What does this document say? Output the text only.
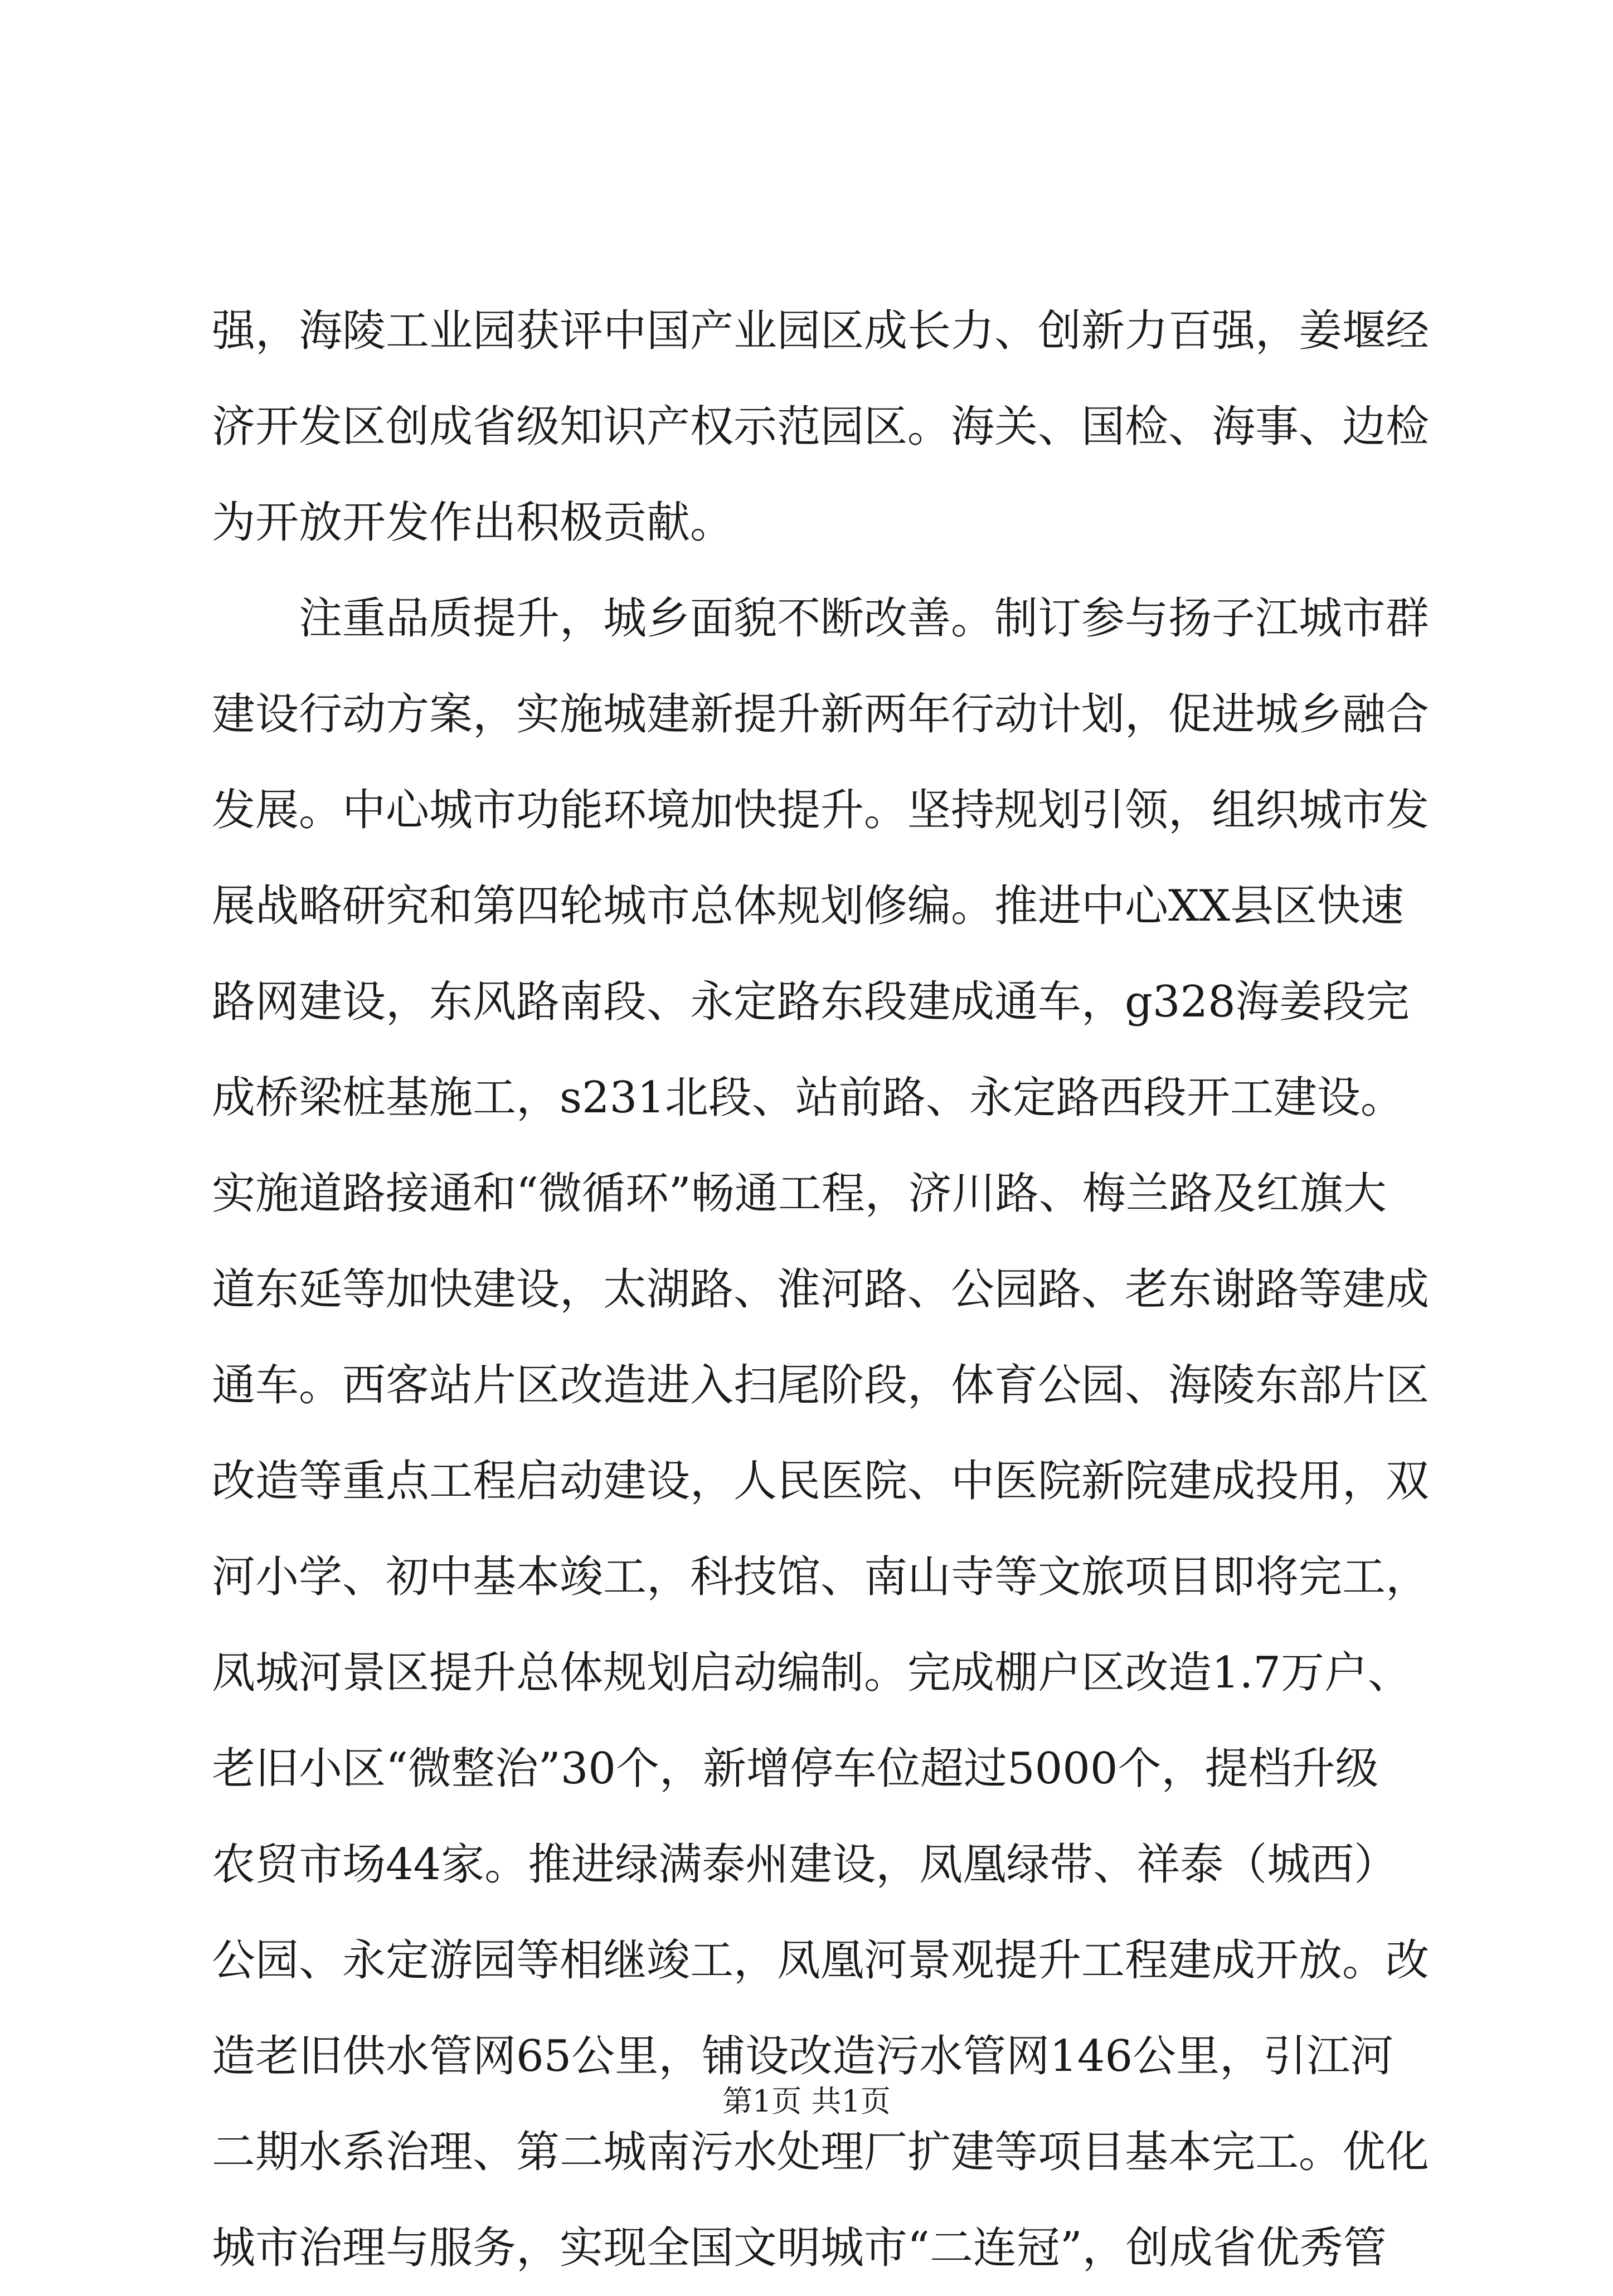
强，海陵工业园获评中国产业园区成长力、创新力百强，姜堰经
济开发区创成省级知识产权示范园区。海关、国检、海事、边检
为开放开发作出积极贡献。
注重品质提升，城乡面貌不断改善。制订参与扬子江城市群
建设行动方案，实施城建新提升新两年行动计划，促进城乡融合
发展。中心城市功能环境加快提升。坚持规划引领，组织城市发
展战略研究和第四轮城市总体规划修编。推进中心XX县区快速
路网建设，东风路南段、永定路东段建成通车，g328海姜段完
成桥梁桩基施工，s231北段、站前路、永定路西段开工建设。
实施道路接通和“微循环”畅通工程，济川路、梅兰路及红旗大
道东延等加快建设，太湖路、淮河路、公园路、老东谢路等建成
通车。西客站片区改造进入扫尾阶段，体育公园、海陵东部片区
改造等重点工程启动建设，人民医院、中医院新院建成投用，双
河小学、初中基本竣工，科技馆、南山寺等文旅项目即将完工，
凤城河景区提升总体规划启动编制。完成棚户区改造1.7万户、
老旧小区“微整治”30个，新增停车位超过5000个，提档升级
农贸市场44家。推进绿满泰州建设，凤凰绿带、祥泰（城西）
公园、永定游园等相继竣工，凤凰河景观提升工程建成开放。改
造老旧供水管网65公里，铺设改造污水管网146公里，引江河
二期水系治理、第二城南污水处理厂扩建等项目基本完工。优化
城市治理与服务，实现全国文明城市“二连冠”，创成省优秀管
第1页 共1页
